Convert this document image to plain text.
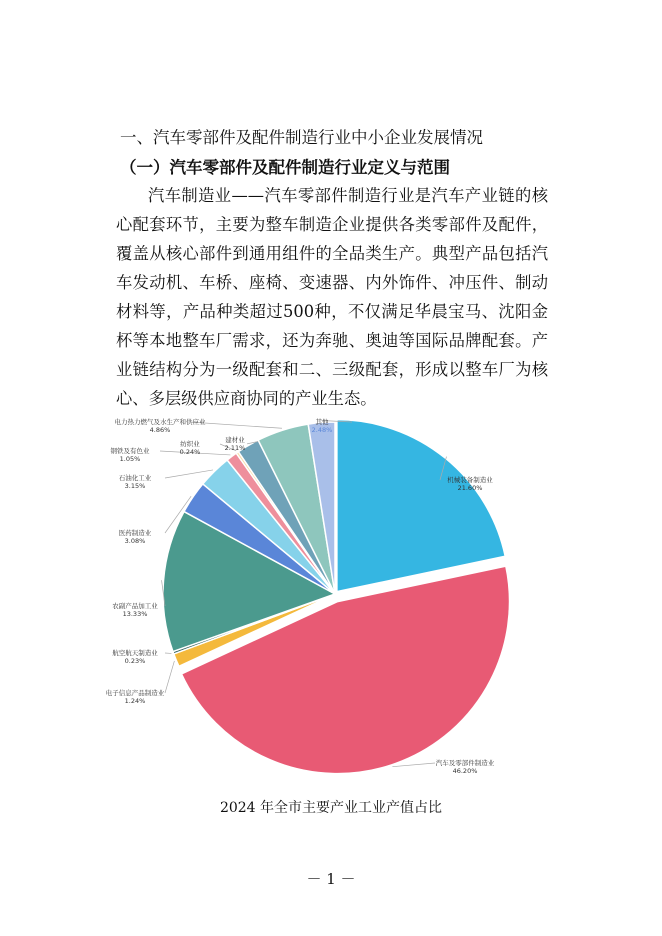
一、汽车零部件及配件制造行业中小企业发展情况
（一）汽车零部件及配件制造行业定义与范围
汽车制造业——汽车零部件制造行业是汽车产业链的核心配套环节，主要为整车制造企业提供各类零部件及配件，覆盖从核心部件到通用组件的全品类生产。典型产品包括汽车发动机、车桥、座椅、变速器、内外饰件、冲压件、制动材料等，产品种类超过500种，不仅满足华晨宝马、沈阳金杯等本地整车厂需求，还为奔驰、奥迪等国际品牌配套。产业链结构分为一级配套和二、三级配套，形成以整车厂为核心、多层级供应商协同的产业生态。
机械装备制造业
21.60%
汽车及零部件制造业
46.20%
电子信息产品制造业
1.24%
航空航天制造业
0.23%
农副产品加工业
13.33%
医药制造业
3.08%
石油化工业
3.15%
钢铁及有色业
1.05%
纺织业
0.24%
建材业
2.11%
电力热力燃气及水生产和供应业
4.86%
其他
2.48%
2024 年全市主要产业工业产值占比
－ 1 －
